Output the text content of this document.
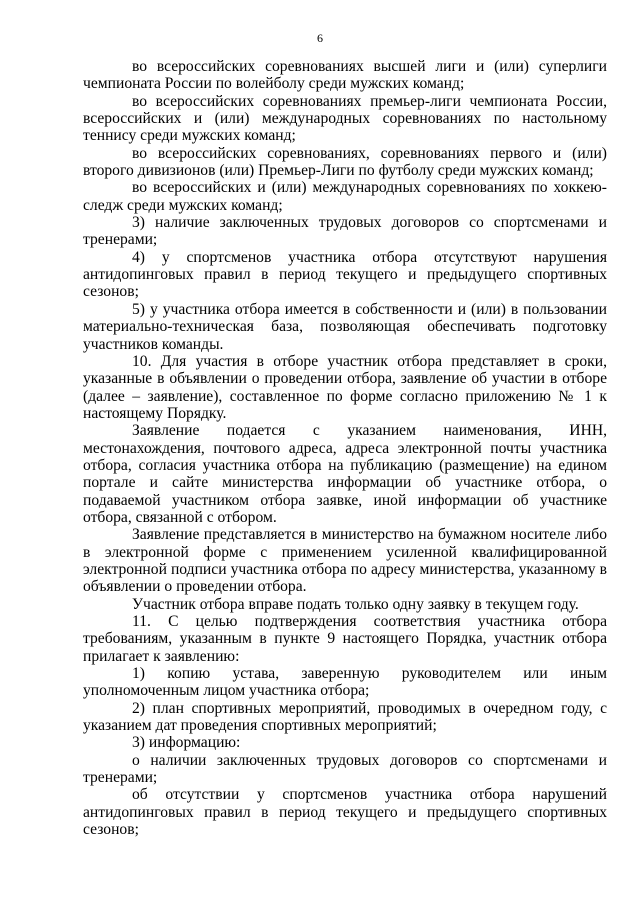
6

во всероссийских соревнованиях высшей лиги и (или) суперлиги чемпионата России по волейболу среди мужских команд;

во всероссийских соревнованиях премьер-лиги чемпионата России, всероссийских и (или) международных соревнованиях по настольному теннису среди мужских команд;

во всероссийских соревнованиях, соревнованиях первого и (или) второго дивизионов (или) Премьер-Лиги по футболу среди мужских команд;

во всероссийских и (или) международных соревнованиях по хоккею-следж среди мужских команд;

3) наличие заключенных трудовых договоров со спортсменами и тренерами;

4) у спортсменов участника отбора отсутствуют нарушения антидопинговых правил в период текущего и предыдущего спортивных сезонов;

5) у участника отбора имеется в собственности и (или) в пользовании материально-техническая база, позволяющая обеспечивать подготовку участников команды.

10. Для участия в отборе участник отбора представляет в сроки, указанные в объявлении о проведении отбора, заявление об участии в отборе (далее – заявление), составленное по форме согласно приложению № 1 к настоящему Порядку.

Заявление подается с указанием наименования, ИНН, местонахождения, почтового адреса, адреса электронной почты участника отбора, согласия участника отбора на публикацию (размещение) на едином портале и сайте министерства информации об участнике отбора, о подаваемой участником отбора заявке, иной информации об участнике отбора, связанной с отбором.

Заявление представляется в министерство на бумажном носителе либо в электронной форме с применением усиленной квалифицированной электронной подписи участника отбора по адресу министерства, указанному в объявлении о проведении отбора.

Участник отбора вправе подать только одну заявку в текущем году.

11. С целью подтверждения соответствия участника отбора требованиям, указанным в пункте 9 настоящего Порядка, участник отбора прилагает к заявлению:

1) копию устава, заверенную руководителем или иным уполномоченным лицом участника отбора;

2) план спортивных мероприятий, проводимых в очередном году, с указанием дат проведения спортивных мероприятий;

3) информацию:

о наличии заключенных трудовых договоров со спортсменами и тренерами;

об отсутствии у спортсменов участника отбора нарушений антидопинговых правил в период текущего и предыдущего спортивных сезонов;
